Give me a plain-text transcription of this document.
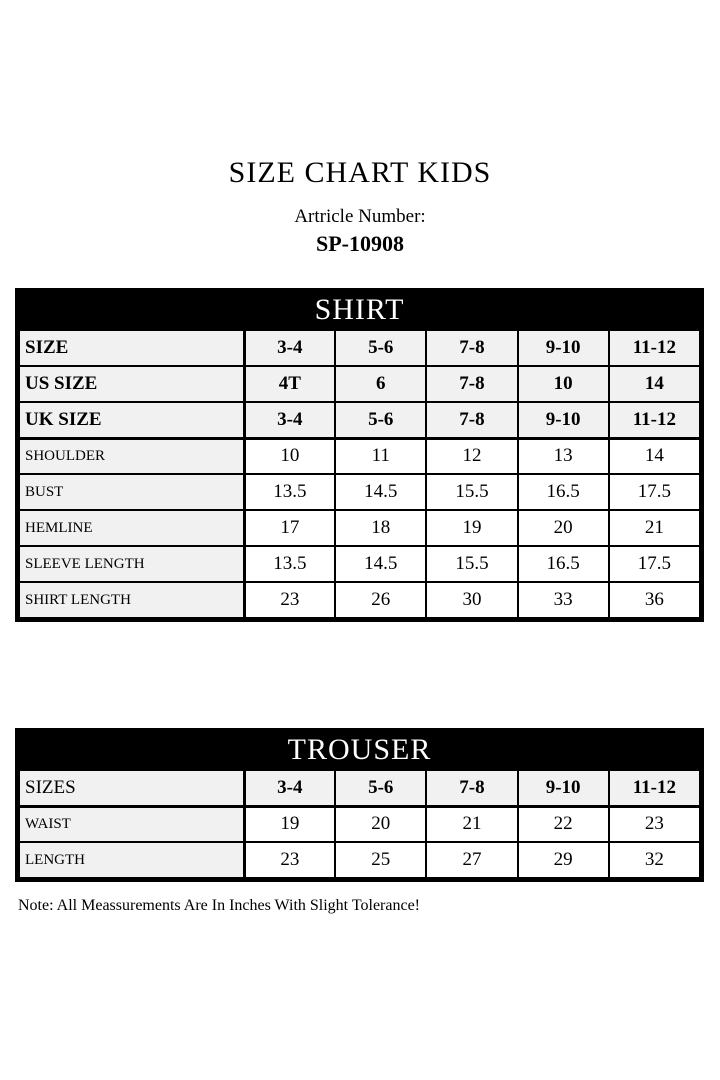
SIZE CHART KIDS
Artricle Number:
SP-10908
SHIRT
SIZE	3-4	5-6	7-8	9-10	11-12
US SIZE	4T	6	7-8	10	14
UK SIZE	3-4	5-6	7-8	9-10	11-12
SHOULDER	10	11	12	13	14
BUST	13.5	14.5	15.5	16.5	17.5
HEMLINE	17	18	19	20	21
SLEEVE LENGTH	13.5	14.5	15.5	16.5	17.5
SHIRT LENGTH	23	26	30	33	36
TROUSER
SIZES	3-4	5-6	7-8	9-10	11-12
WAIST	19	20	21	22	23
LENGTH	23	25	27	29	32
Note: All Meassurements Are In Inches With Slight Tolerance!
